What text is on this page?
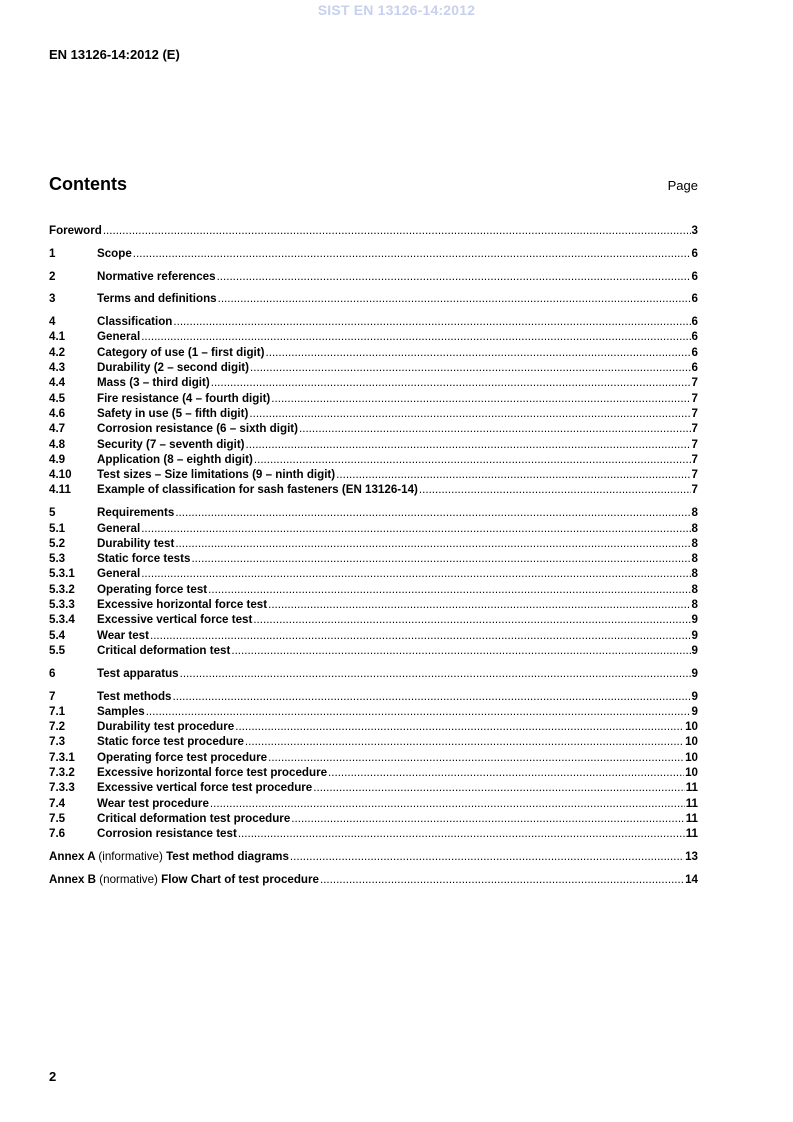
SIST EN 13126-14:2012
EN 13126-14:2012 (E)
Contents	Page
Foreword .....	3
1	Scope .....	6
2	Normative references .....	6
3	Terms and definitions .....	6
4	Classification .....	6
4.1	General .....	6
4.2	Category of use (1 – first digit) .....	6
4.3	Durability (2 – second digit) .....	6
4.4	Mass (3 – third digit) .....	7
4.5	Fire resistance (4 – fourth digit) .....	7
4.6	Safety in use (5 – fifth digit) .....	7
4.7	Corrosion resistance (6 – sixth digit) .....	7
4.8	Security (7 – seventh digit) .....	7
4.9	Application (8 – eighth digit) .....	7
4.10	Test sizes – Size limitations (9 – ninth digit) .....	7
4.11	Example of classification for sash fasteners (EN 13126-14) .....	7
5	Requirements .....	8
5.1	General .....	8
5.2	Durability test .....	8
5.3	Static force tests .....	8
5.3.1	General .....	8
5.3.2	Operating force test .....	8
5.3.3	Excessive horizontal force test .....	8
5.3.4	Excessive vertical force test .....	9
5.4	Wear test .....	9
5.5	Critical deformation test .....	9
6	Test apparatus .....	9
7	Test methods .....	9
7.1	Samples .....	9
7.2	Durability test procedure .....	10
7.3	Static force test procedure .....	10
7.3.1	Operating force test procedure .....	10
7.3.2	Excessive horizontal force test procedure .....	10
7.3.3	Excessive vertical force test procedure .....	11
7.4	Wear test procedure .....	11
7.5	Critical deformation test procedure .....	11
7.6	Corrosion resistance test .....	11
Annex A (informative) Test method diagrams .....	13
Annex B (normative) Flow Chart of test procedure .....	14
2
